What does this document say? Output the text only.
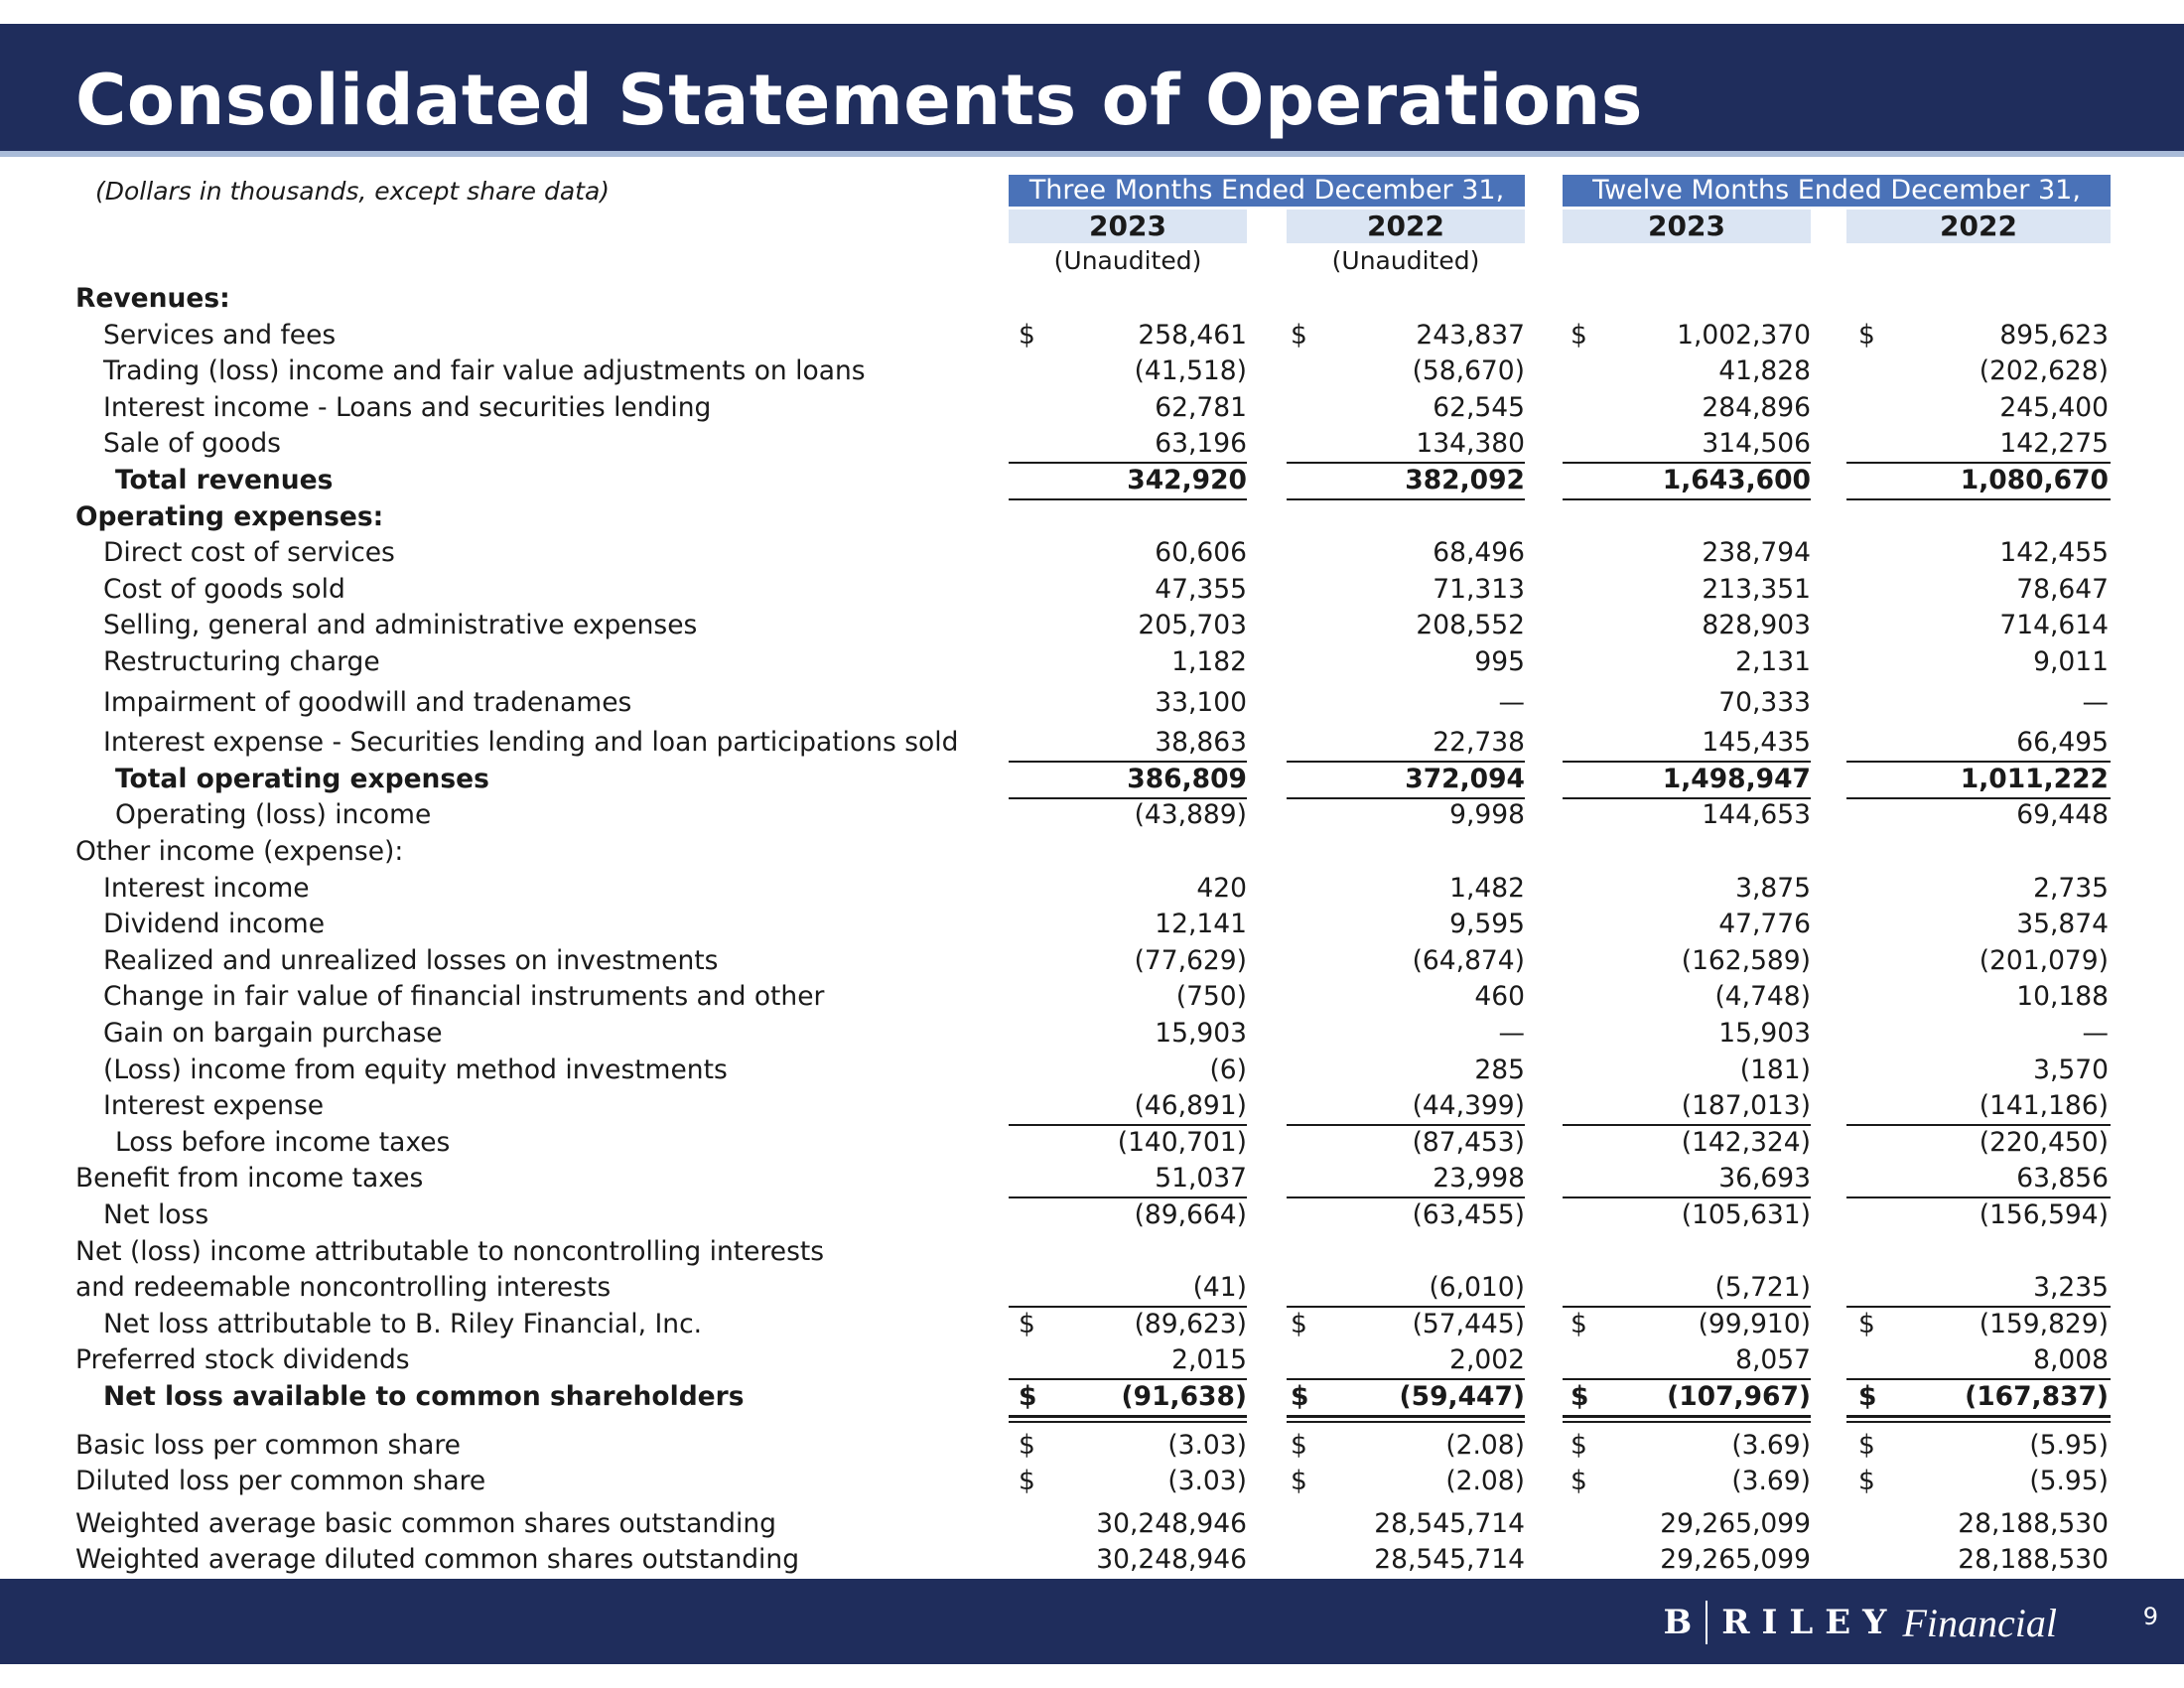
Consolidated Statements of Operations
(Dollars in thousands, except share data)	Three Months Ended December 31,	Twelve Months Ended December 31,
2023	2022	2023	2022
(Unaudited)	(Unaudited)
Revenues:
Services and fees	$	258,461 $	243,837 $	1,002,370 $	895,623
Trading (loss) income and fair value adjustments on loans	(41,518)	(58,670)	41,828	(202,628)
Interest income - Loans and securities lending	62,781	62,545	284,896	245,400
Sale of goods	63,196	134,380	314,506	142,275
Total revenues	342,920	382,092	1,643,600	1,080,670
Operating expenses:
Direct cost of services	60,606	68,496	238,794	142,455
Cost of goods sold	47,355	71,313	213,351	78,647
Selling, general and administrative expenses	205,703	208,552	828,903	714,614
Restructuring charge	1,182	995	2,131	9,011
Impairment of goodwill and tradenames	33,100	—	70,333	—
Interest expense - Securities lending and loan participations sold	38,863	22,738	145,435	66,495
Total operating expenses	386,809	372,094	1,498,947	1,011,222
Operating (loss) income	(43,889)	9,998	144,653	69,448
Other income (expense):
Interest income	420	1,482	3,875	2,735
Dividend income	12,141	9,595	47,776	35,874
Realized and unrealized losses on investments	(77,629)	(64,874)	(162,589)	(201,079)
Change in fair value of financial instruments and other	(750)	460	(4,748)	10,188
Gain on bargain purchase	15,903	—	15,903	—
(Loss) income from equity method investments	(6)	285	(181)	3,570
Interest expense	(46,891)	(44,399)	(187,013)	(141,186)
Loss before income taxes	(140,701)	(87,453)	(142,324)	(220,450)
Benefit from income taxes	51,037	23,998	36,693	63,856
Net loss	(89,664)	(63,455)	(105,631)	(156,594)
Net (loss) income attributable to noncontrolling interests
and redeemable noncontrolling interests	(41)	(6,010)	(5,721)	3,235
Net loss attributable to B. Riley Financial, Inc.	$	(89,623) $	(57,445) $	(99,910) $	(159,829)
Preferred stock dividends	2,015	2,002	8,057	8,008
Net loss available to common shareholders	$	(91,638) $	(59,447) $	(107,967) $	(167,837)
Basic loss per common share	$	(3.03) $	(2.08) $	(3.69) $	(5.95)
Diluted loss per common share	$	(3.03) $	(2.08) $	(3.69) $	(5.95)
Weighted average basic common shares outstanding	30,248,946	28,545,714	29,265,099	28,188,530
Weighted average diluted common shares outstanding	30,248,946	28,545,714	29,265,099	28,188,530
B RILEY Financial	9
